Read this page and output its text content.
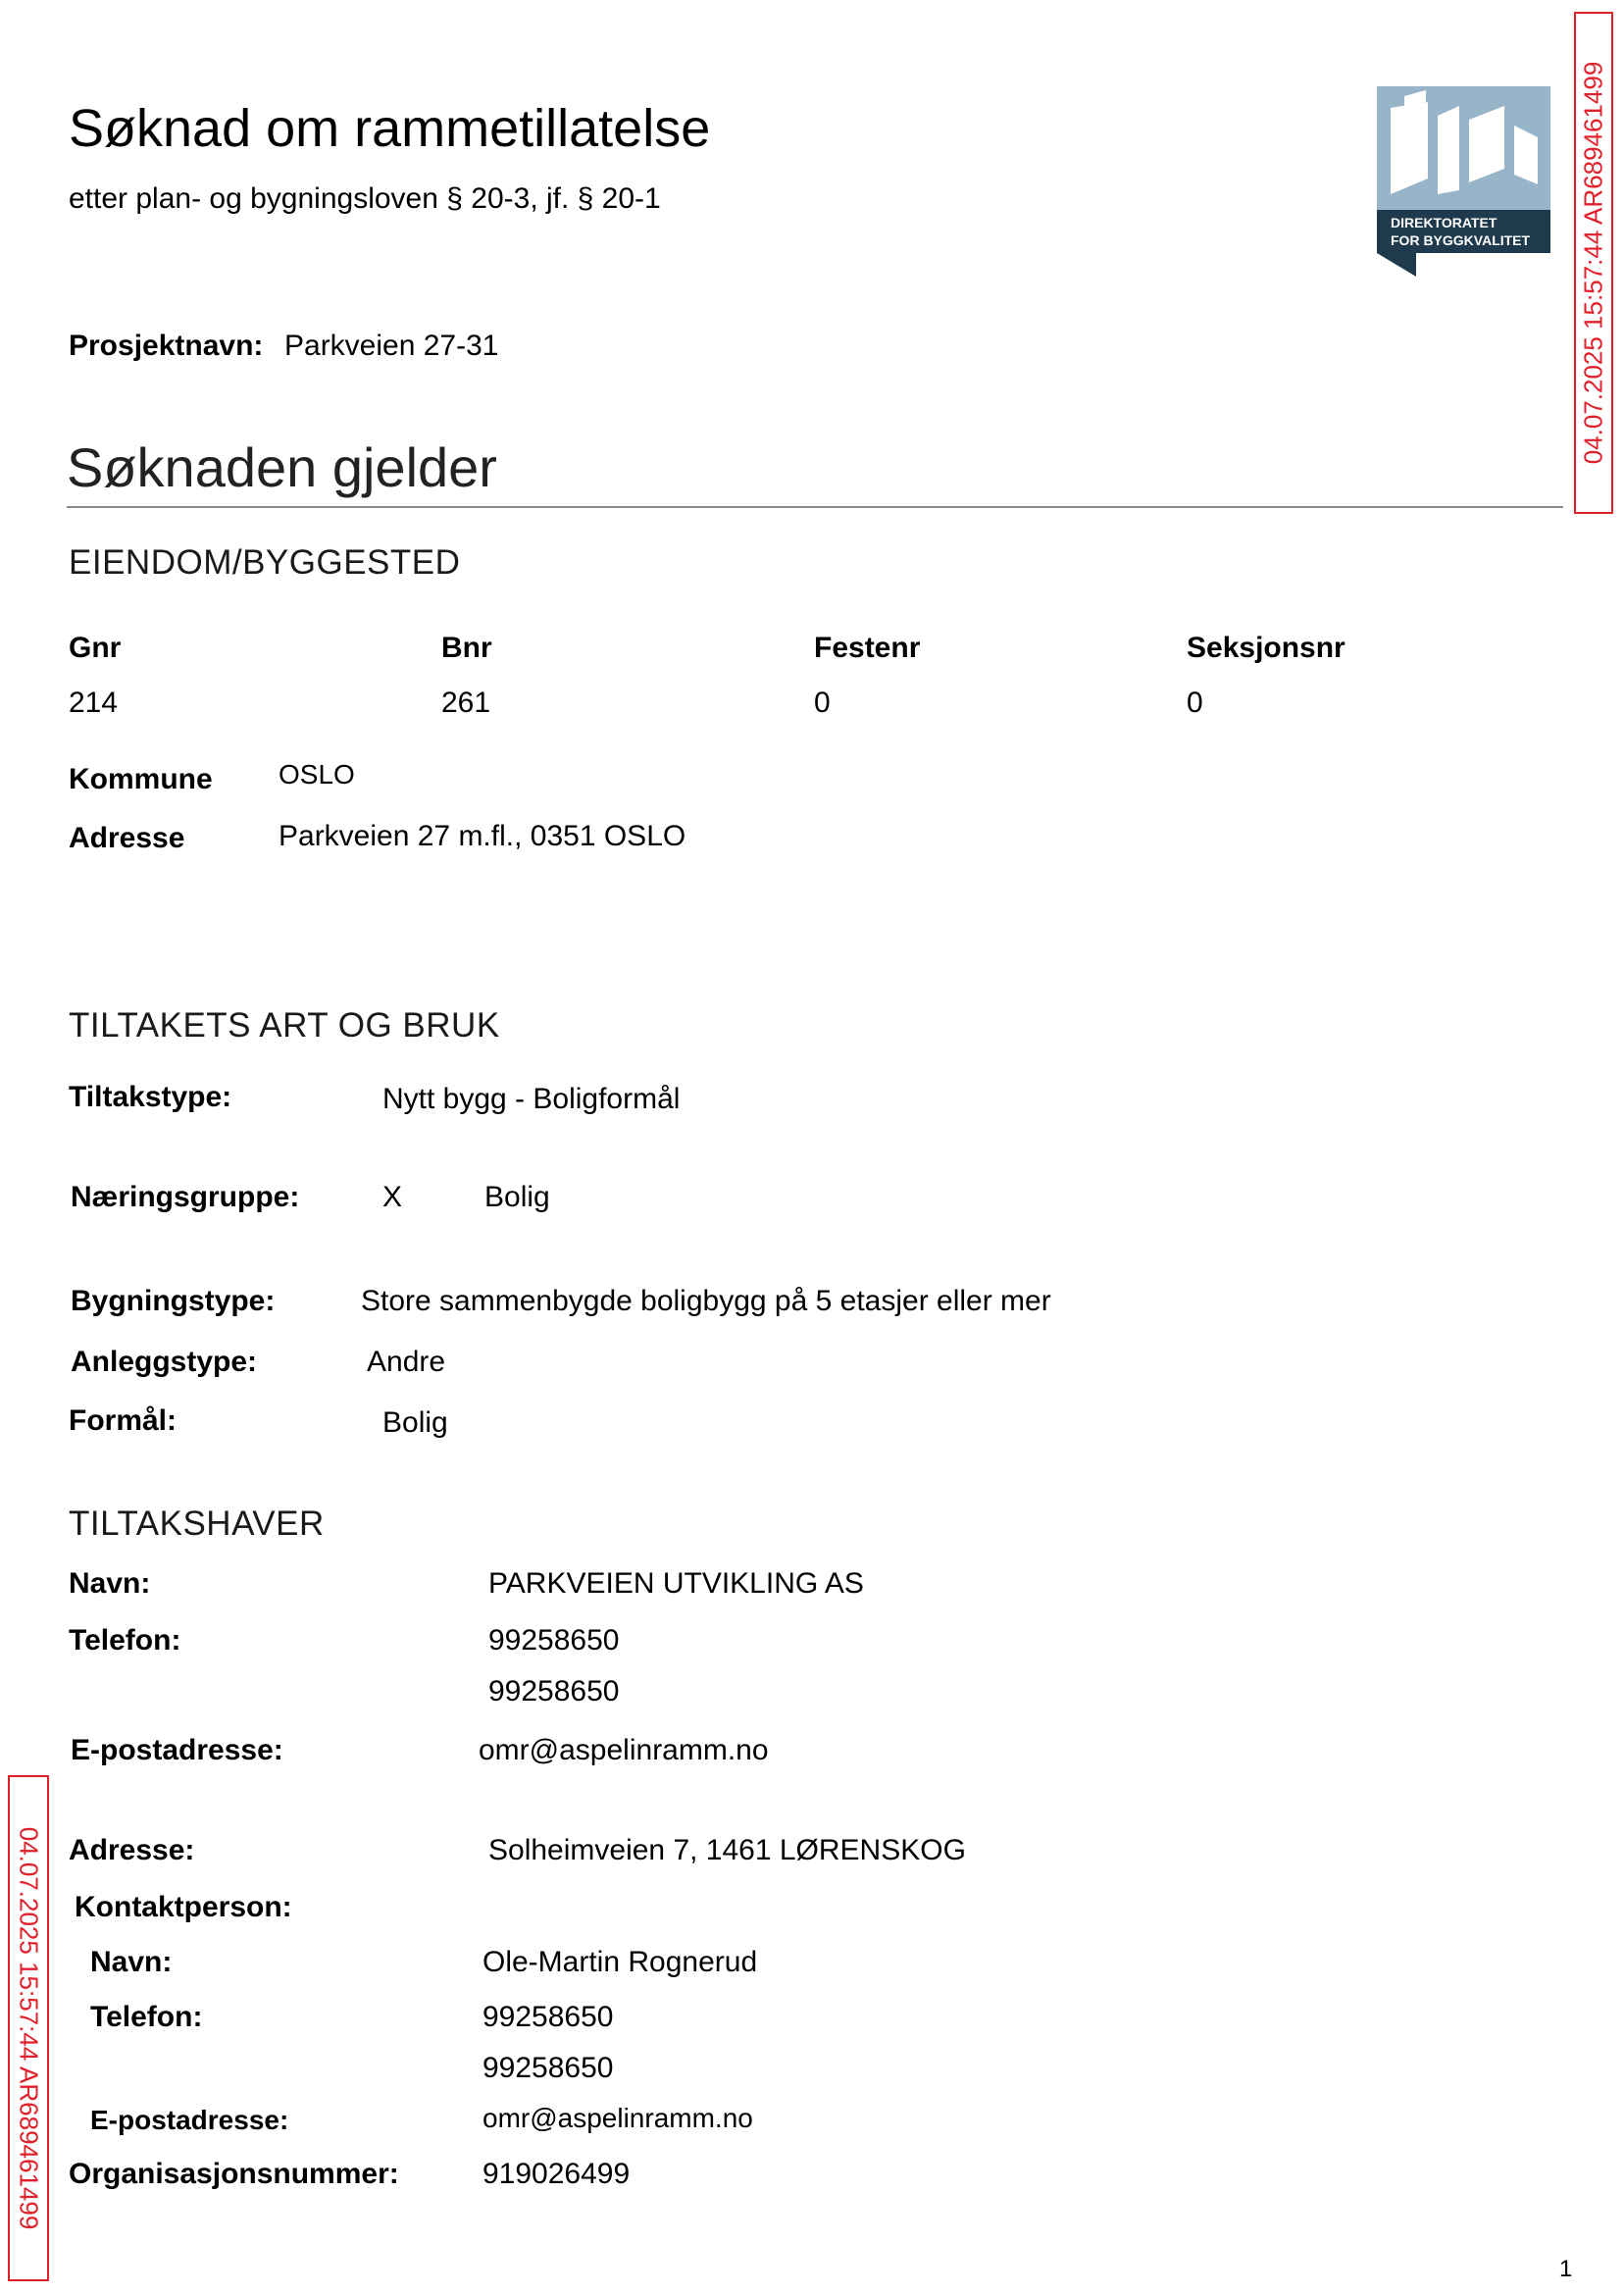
Søknad om rammetillatelse
etter plan- og bygningsloven § 20-3, jf. § 20-1
DIREKTORATET
FOR BYGGKVALITET
Prosjektnavn: Parkveien 27-31
Søknaden gjelder
EIENDOM/BYGGESTED
Gnr	Bnr	Festenr	Seksjonsnr
214	261	0	0
Kommune OSLO
Adresse	Parkveien 27 m.fl., 0351 OSLO
TILTAKETS ART OG BRUK
Tiltakstype:	Nytt bygg - Boligformål
Næringsgruppe:	X	Bolig
Bygningstype:	Store sammenbygde boligbygg på 5 etasjer eller mer
Anleggstype:	Andre
Formål:	Bolig
TILTAKSHAVER
Navn:	PARKVEIEN UTVIKLING AS
Telefon:	99258650
99258650
E-postadresse:	omr@aspelinramm.no
Adresse:	Solheimveien 7, 1461 LØRENSKOG
Kontaktperson:
Navn:	Ole-Martin Rognerud
Telefon:	99258650
99258650
E-postadresse:	omr@aspelinramm.no
Organisasjonsnummer:	919026499
04.07.2025 15:57:44 AR689461499
04.07.2025 15:57:44 AR689461499
1
